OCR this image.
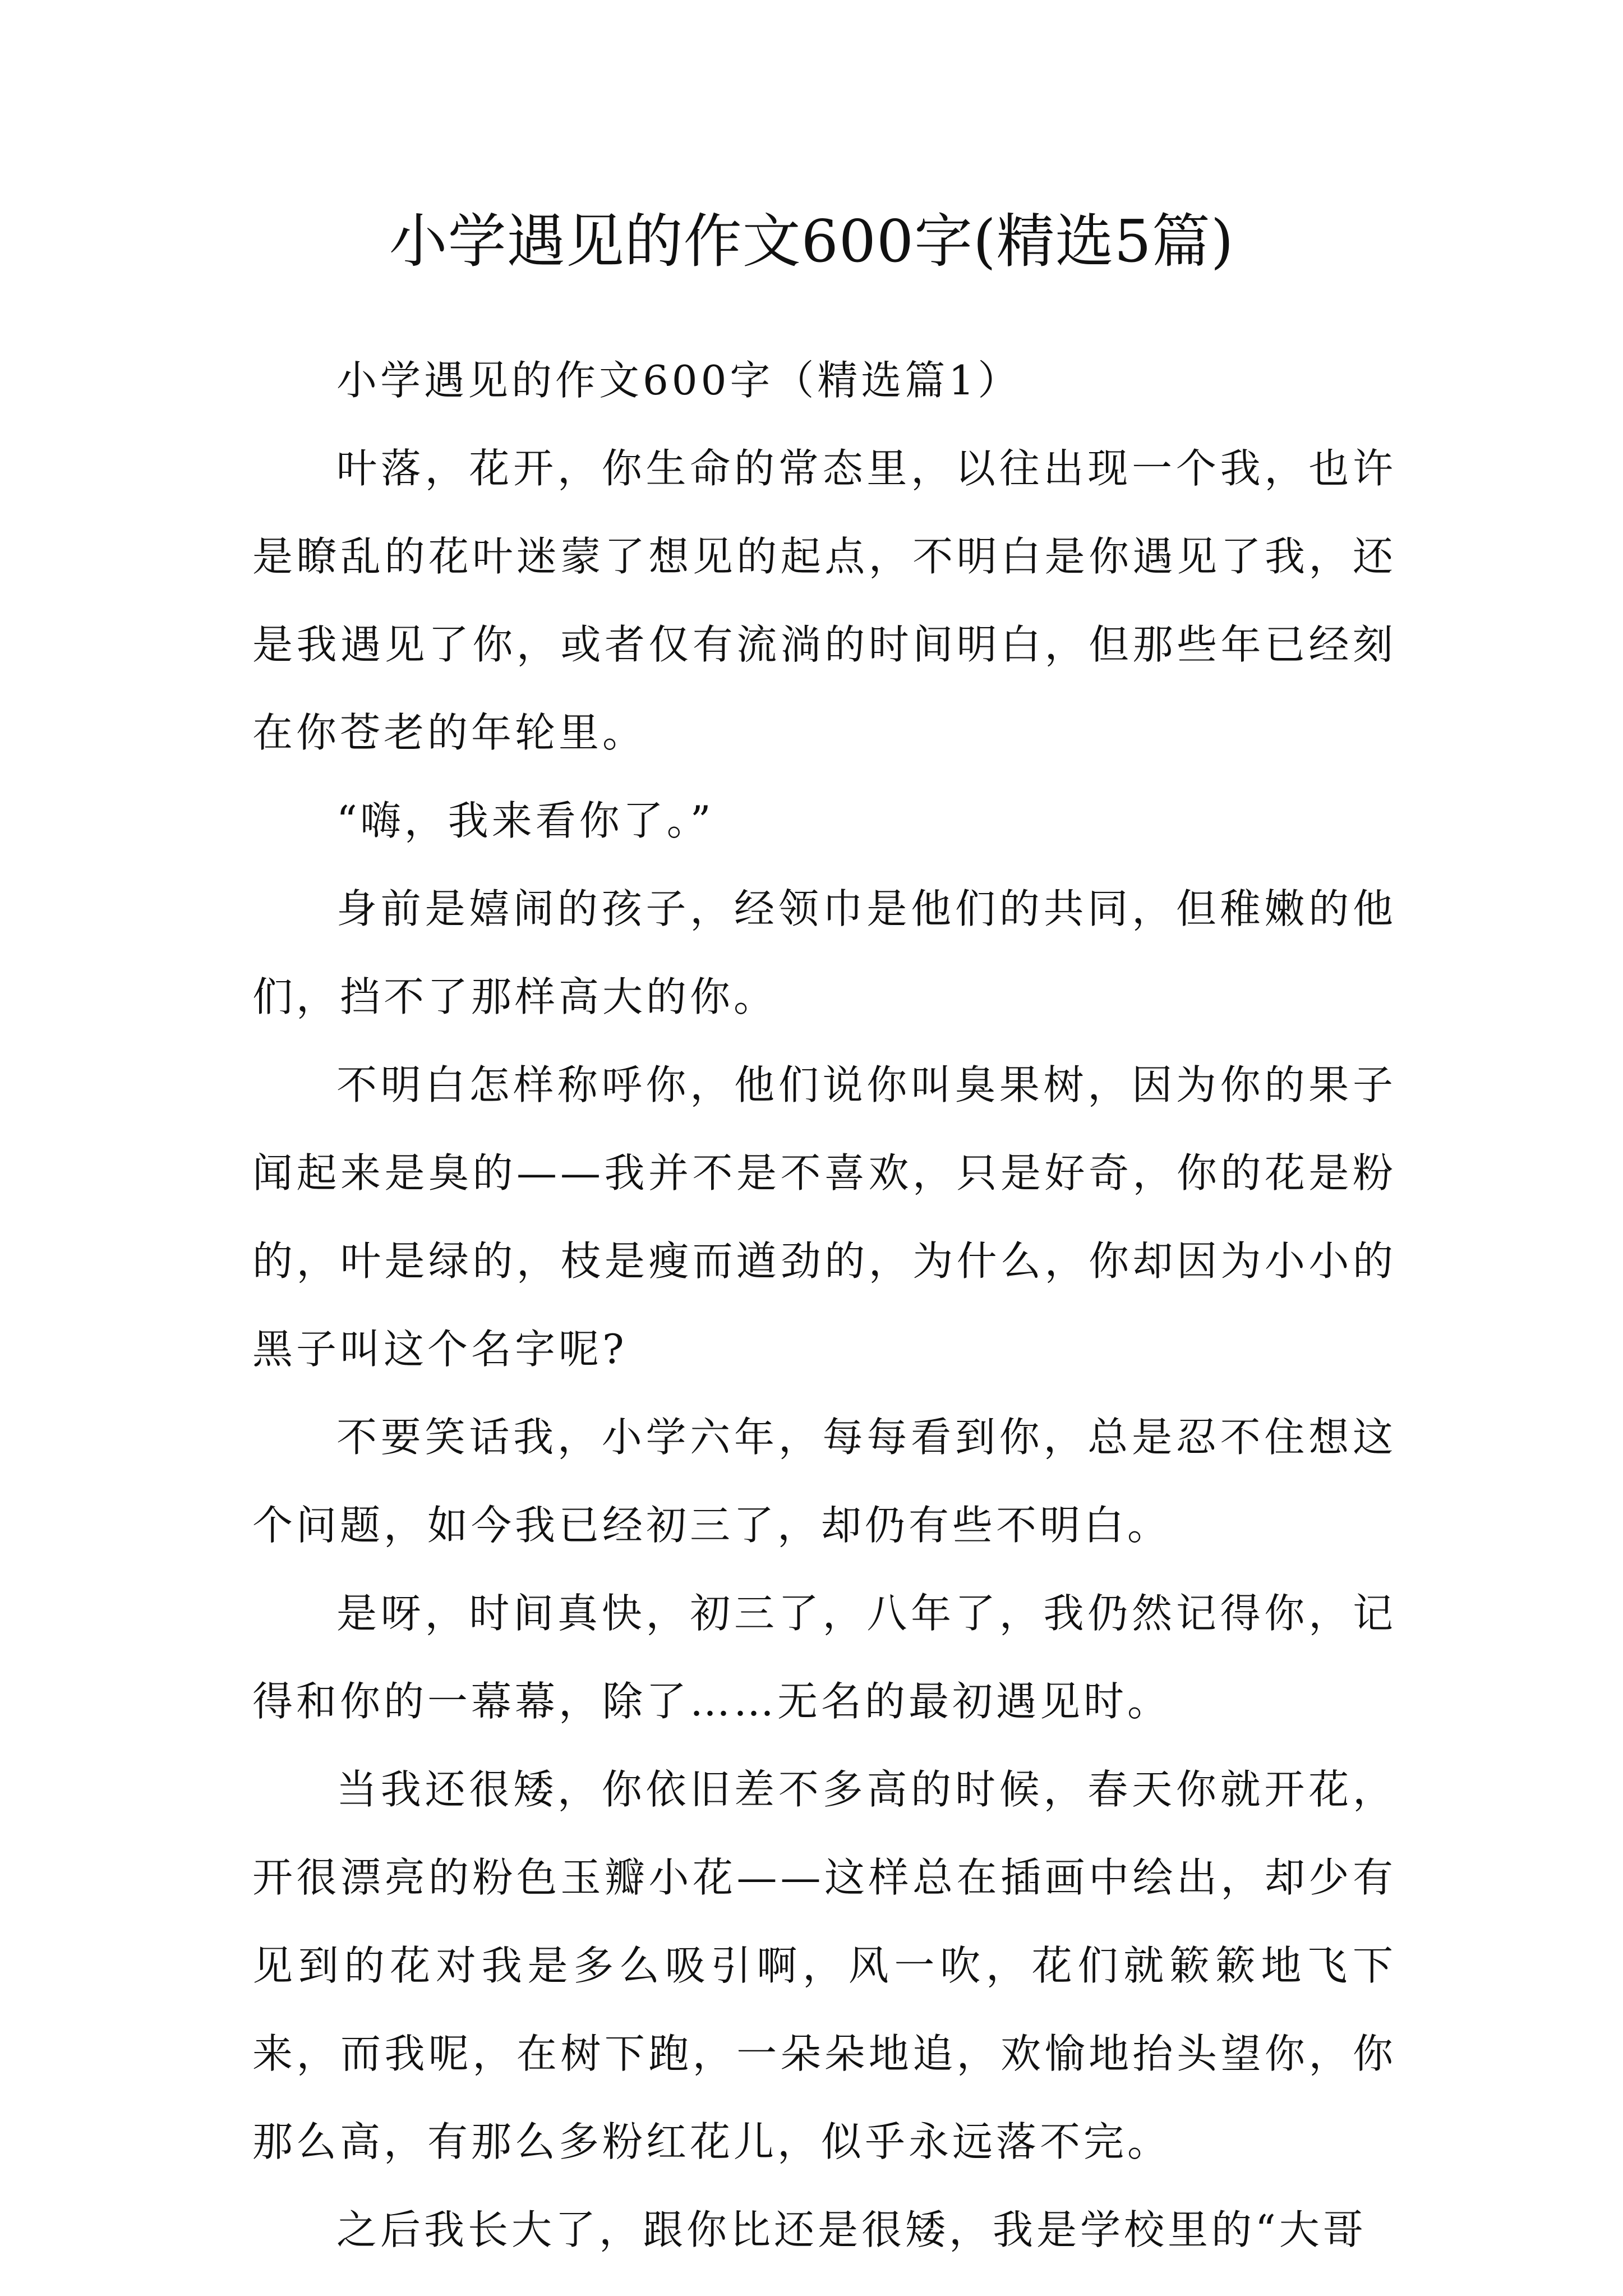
小学遇见的作文600字(精选5篇)

小学遇见的作文600字（精选篇1）

叶落，花开，你生命的常态里，以往出现一个我，也许是瞭乱的花叶迷蒙了想见的起点，不明白是你遇见了我，还是我遇见了你，或者仅有流淌的时间明白，但那些年已经刻在你苍老的年轮里。

“嗨，我来看你了。”

身前是嬉闹的孩子，经领巾是他们的共同，但稚嫩的他们，挡不了那样高大的你。

不明白怎样称呼你，他们说你叫臭果树，因为你的果子闻起来是臭的——我并不是不喜欢，只是好奇，你的花是粉的，叶是绿的，枝是瘦而遒劲的，为什么，你却因为小小的黑子叫这个名字呢?

不要笑话我，小学六年，每每看到你，总是忍不住想这个问题，如今我已经初三了，却仍有些不明白。

是呀，时间真快，初三了，八年了，我仍然记得你，记得和你的一幕幕，除了……无名的最初遇见时。

当我还很矮，你依旧差不多高的时候，春天你就开花，开很漂亮的粉色玉瓣小花——这样总在插画中绘出，却少有见到的花对我是多么吸引啊，风一吹，花们就簌簌地飞下来，而我呢，在树下跑，一朵朵地追，欢愉地抬头望你，你那么高，有那么多粉红花儿，似乎永远落不完。

之后我长大了，跟你比还是很矮，我是学校里的“大哥
